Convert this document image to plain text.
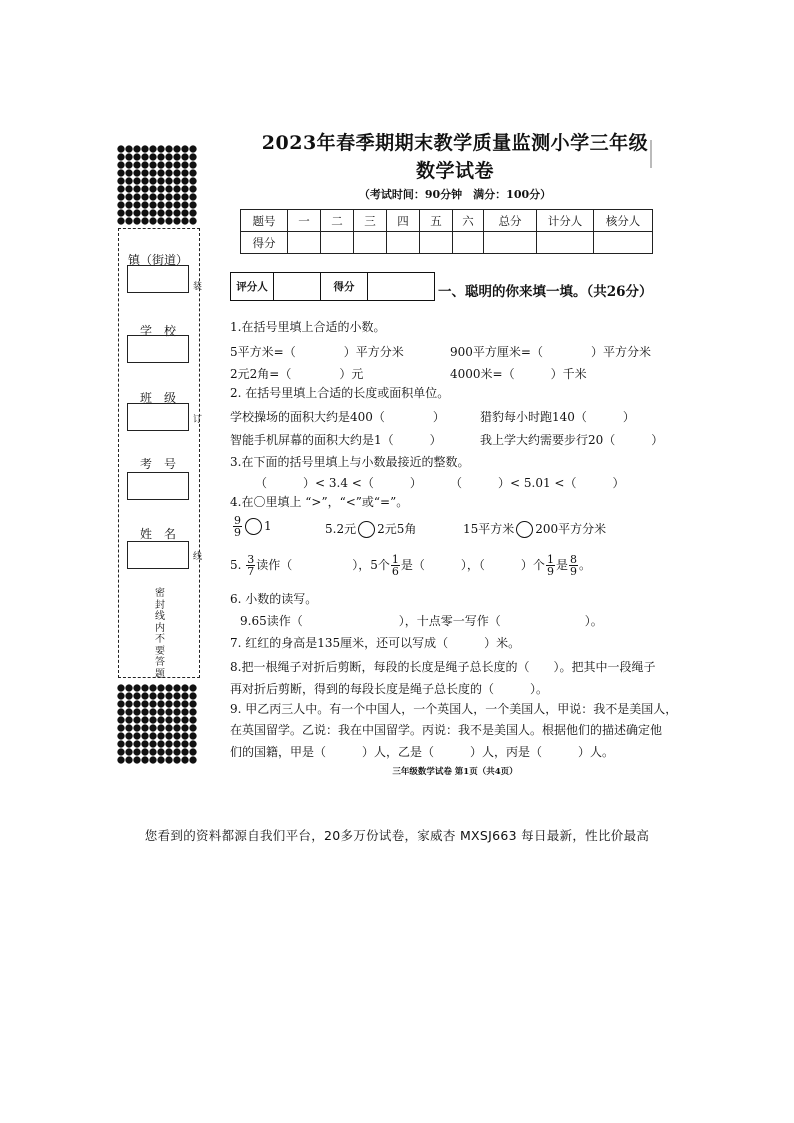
镇（街道）
学　校
班　级
考　号
姓　名
装
订
线
密封线内不要答题
2023年春季期期末教学质量监测小学三年级
数学试卷
（考试时间：90分钟　满分：100分）
题号	一	二	三	四	五	六	总分	计分人	核分人
得分									
评分人		得分		一、聪明的你来填一填。（共26分）
1.在括号里填上合适的小数。
5平方米=（　　　　）平方分米	900平方厘米=（　　　　）平方分米
2元2角=（　　　　）元	4000米=（　　　）千米
2. 在括号里填上合适的长度或面积单位。
学校操场的面积大约是400（　　　　）	猎豹每小时跑140（　　　）
智能手机屏幕的面积大约是1（　　　）	我上学大约需要步行20（　　　）
3.在下面的括号里填上与小数最接近的整数。
（　　　）< 3.4 <（　　　） （　　　）< 5.01 <（　　　）
4.在〇里填上 “>”，“<”或“=”。
$\frac{9}{9} 1$	5.2元 2元5角	15平方米 200平方分米
5. $\frac{3}{7}$ 读作（　　　　　），5个 $\frac{1}{6}$ 是（　　　），（　　　）个 $\frac{1}{9}$ 是 $\frac{8}{9}$ 。
6. 小数的读写。
9.65读作（　　　　　　　　），十点零一写作（　　　　　　　）。
7. 红红的身高是135厘米，还可以写成（　　　）米。
8.把一根绳子对折后剪断，每段的长度是绳子总长度的（　　）。把其中一段绳子
再对折后剪断，得到的每段长度是绳子总长度的（　　　）。
9. 甲乙丙三人中。有一个中国人，一个英国人，一个美国人，甲说：我不是美国人，
在英国留学。乙说：我在中国留学。丙说：我不是美国人。根据他们的描述确定他
们的国籍，甲是（　　　）人，乙是（　　　）人，丙是（　　　）人。
三年级数学试卷 第1页（共4页）
您看到的资料都源自我们平台，20多万份试卷，家威杏 MXSJ663 每日最新，性比价最高
